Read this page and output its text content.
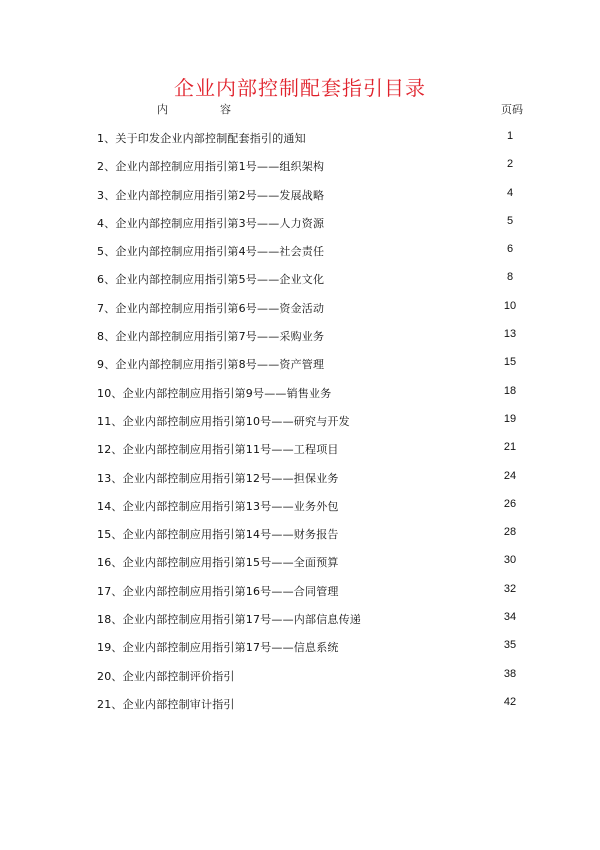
企业内部控制配套指引目录
内容	页码
1、关于印发企业内部控制配套指引的通知	1
2、企业内部控制应用指引第1号——组织架构	2
3、企业内部控制应用指引第2号——发展战略	4
4、企业内部控制应用指引第3号——人力资源	5
5、企业内部控制应用指引第4号——社会责任	6
6、企业内部控制应用指引第5号——企业文化	8
7、企业内部控制应用指引第6号——资金活动	10
8、企业内部控制应用指引第7号——采购业务	13
9、企业内部控制应用指引第8号——资产管理	15
10、企业内部控制应用指引第9号——销售业务	18
11、企业内部控制应用指引第10号——研究与开发	19
12、企业内部控制应用指引第11号——工程项目	21
13、企业内部控制应用指引第12号——担保业务	24
14、企业内部控制应用指引第13号——业务外包	26
15、企业内部控制应用指引第14号——财务报告	28
16、企业内部控制应用指引第15号——全面预算	30
17、企业内部控制应用指引第16号——合同管理	32
18、企业内部控制应用指引第17号——内部信息传递	34
19、企业内部控制应用指引第17号——信息系统	35
20、企业内部控制评价指引	38
21、企业内部控制审计指引	42
